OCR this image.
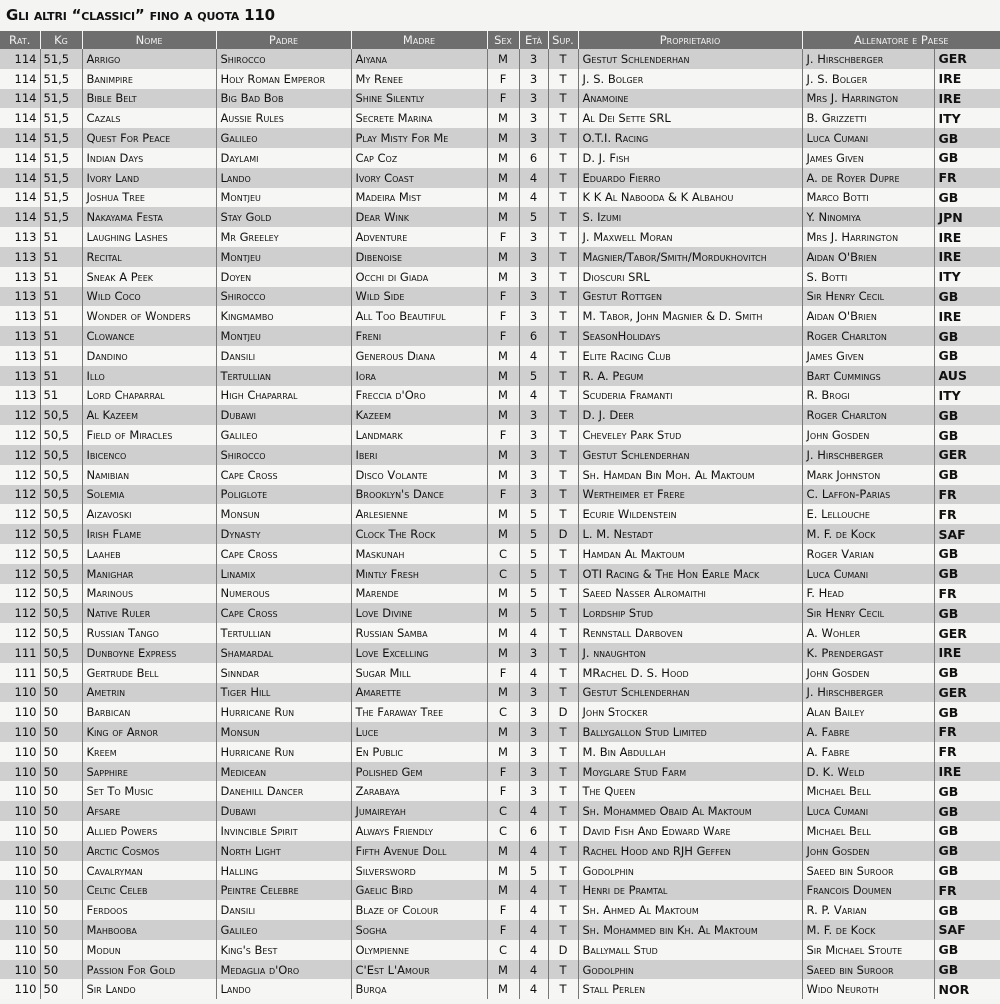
Gli altri “classici” fino a quota 110
Rat.	Kg	Nome	Padre	Madre	Sex	Età	Sup.	Proprietario	Allenatore e Paese	
114	51,5	Arrigo	Shirocco	Aiyana	M	3	T	Gestut Schlenderhan	J. Hirschberger	GER
114	51,5	Banimpire	Holy Roman Emperor	My Renee	F	3	T	J. S. Bolger	J. S. Bolger	IRE
114	51,5	Bible Belt	Big Bad Bob	Shine Silently	F	3	T	Anamoine	Mrs J. Harrington	IRE
114	51,5	Cazals	Aussie Rules	Secrete Marina	M	3	T	Al Dei Sette SRL	B. Grizzetti	ITY
114	51,5	Quest For Peace	Galileo	Play Misty For Me	M	3	T	O.T.I. Racing	Luca Cumani	GB
114	51,5	Indian Days	Daylami	Cap Coz	M	6	T	D. J. Fish	James Given	GB
114	51,5	Ivory Land	Lando	Ivory Coast	M	4	T	Eduardo Fierro	A. de Royer Dupre	FR
114	51,5	Joshua Tree	Montjeu	Madeira Mist	M	4	T	K K Al Nabooda & K Albahou	Marco Botti	GB
114	51,5	Nakayama Festa	Stay Gold	Dear Wink	M	5	T	S. Izumi	Y. Ninomiya	JPN
113	51	Laughing Lashes	Mr Greeley	Adventure	F	3	T	J. Maxwell Moran	Mrs J. Harrington	IRE
113	51	Recital	Montjeu	Dibenoise	M	3	T	Magnier/Tabor/Smith/Mordukhovitch	Aidan O'Brien	IRE
113	51	Sneak A Peek	Doyen	Occhi di Giada	M	3	T	Dioscuri SRL	S. Botti	ITY
113	51	Wild Coco	Shirocco	Wild Side	F	3	T	Gestut Rottgen	Sir Henry Cecil	GB
113	51	Wonder of Wonders	Kingmambo	All Too Beautiful	F	3	T	M. Tabor, John Magnier & D. Smith	Aidan O'Brien	IRE
113	51	Clowance	Montjeu	Freni	F	6	T	SeasonHolidays	Roger Charlton	GB
113	51	Dandino	Dansili	Generous Diana	M	4	T	Elite Racing Club	James Given	GB
113	51	Illo	Tertullian	Iora	M	5	T	R. A. Pegum	Bart Cummings	AUS
113	51	Lord Chaparral	High Chaparral	Freccia d'Oro	M	4	T	Scuderia Framanti	R. Brogi	ITY
112	50,5	Al Kazeem	Dubawi	Kazeem	M	3	T	D. J. Deer	Roger Charlton	GB
112	50,5	Field of Miracles	Galileo	Landmark	F	3	T	Cheveley Park Stud	John Gosden	GB
112	50,5	Ibicenco	Shirocco	Iberi	M	3	T	Gestut Schlenderhan	J. Hirschberger	GER
112	50,5	Namibian	Cape Cross	Disco Volante	M	3	T	Sh. Hamdan Bin Moh. Al Maktoum	Mark Johnston	GB
112	50,5	Solemia	Poliglote	Brooklyn's Dance	F	3	T	Wertheimer et Frere	C. Laffon-Parias	FR
112	50,5	Aizavoski	Monsun	Arlesienne	M	5	T	Ecurie Wildenstein	E. Lellouche	FR
112	50,5	Irish Flame	Dynasty	Clock The Rock	M	5	D	L. M. Nestadt	M. F. de Kock	SAF
112	50,5	Laaheb	Cape Cross	Maskunah	C	5	T	Hamdan Al Maktoum	Roger Varian	GB
112	50,5	Manighar	Linamix	Mintly Fresh	C	5	T	OTI Racing & The Hon Earle Mack	Luca Cumani	GB
112	50,5	Marinous	Numerous	Marende	M	5	T	Saeed Nasser Alromaithi	F. Head	FR
112	50,5	Native Ruler	Cape Cross	Love Divine	M	5	T	Lordship Stud	Sir Henry Cecil	GB
112	50,5	Russian Tango	Tertullian	Russian Samba	M	4	T	Rennstall Darboven	A. Wohler	GER
111	50,5	Dunboyne Express	Shamardal	Love Excelling	M	3	T	J. nnaughton	K. Prendergast	IRE
111	50,5	Gertrude Bell	Sinndar	Sugar Mill	F	4	T	MRachel D. S. Hood	John Gosden	GB
110	50	Ametrin	Tiger Hill	Amarette	M	3	T	Gestut Schlenderhan	J. Hirschberger	GER
110	50	Barbican	Hurricane Run	The Faraway Tree	C	3	D	John Stocker	Alan Bailey	GB
110	50	King of Arnor	Monsun	Luce	M	3	T	Ballygallon Stud Limited	A. Fabre	FR
110	50	Kreem	Hurricane Run	En Public	M	3	T	M. Bin Abdullah	A. Fabre	FR
110	50	Sapphire	Medicean	Polished Gem	F	3	T	Moyglare Stud Farm	D. K. Weld	IRE
110	50	Set To Music	Danehill Dancer	Zarabaya	F	3	T	The Queen	Michael Bell	GB
110	50	Afsare	Dubawi	Jumaireyah	C	4	T	Sh. Mohammed Obaid Al Maktoum	Luca Cumani	GB
110	50	Allied Powers	Invincible Spirit	Always Friendly	C	6	T	David Fish And Edward Ware	Michael Bell	GB
110	50	Arctic Cosmos	North Light	Fifth Avenue Doll	M	4	T	Rachel Hood and RJH Geffen	John Gosden	GB
110	50	Cavalryman	Halling	Silversword	M	5	T	Godolphin	Saeed bin Suroor	GB
110	50	Celtic Celeb	Peintre Celebre	Gaelic Bird	M	4	T	Henri de Pramtal	Francois Doumen	FR
110	50	Ferdoos	Dansili	Blaze of Colour	F	4	T	Sh. Ahmed Al Maktoum	R. P. Varian	GB
110	50	Mahbooba	Galileo	Sogha	F	4	T	Sh. Mohammed bin Kh. Al Maktoum	M. F. de Kock	SAF
110	50	Modun	King's Best	Olympienne	C	4	D	Ballymall Stud	Sir Michael Stoute	GB
110	50	Passion For Gold	Medaglia d'Oro	C'Est L'Amour	M	4	T	Godolphin	Saeed bin Suroor	GB
110	50	Sir Lando	Lando	Burqa	M	4	T	Stall Perlen	Wido Neuroth	NOR
